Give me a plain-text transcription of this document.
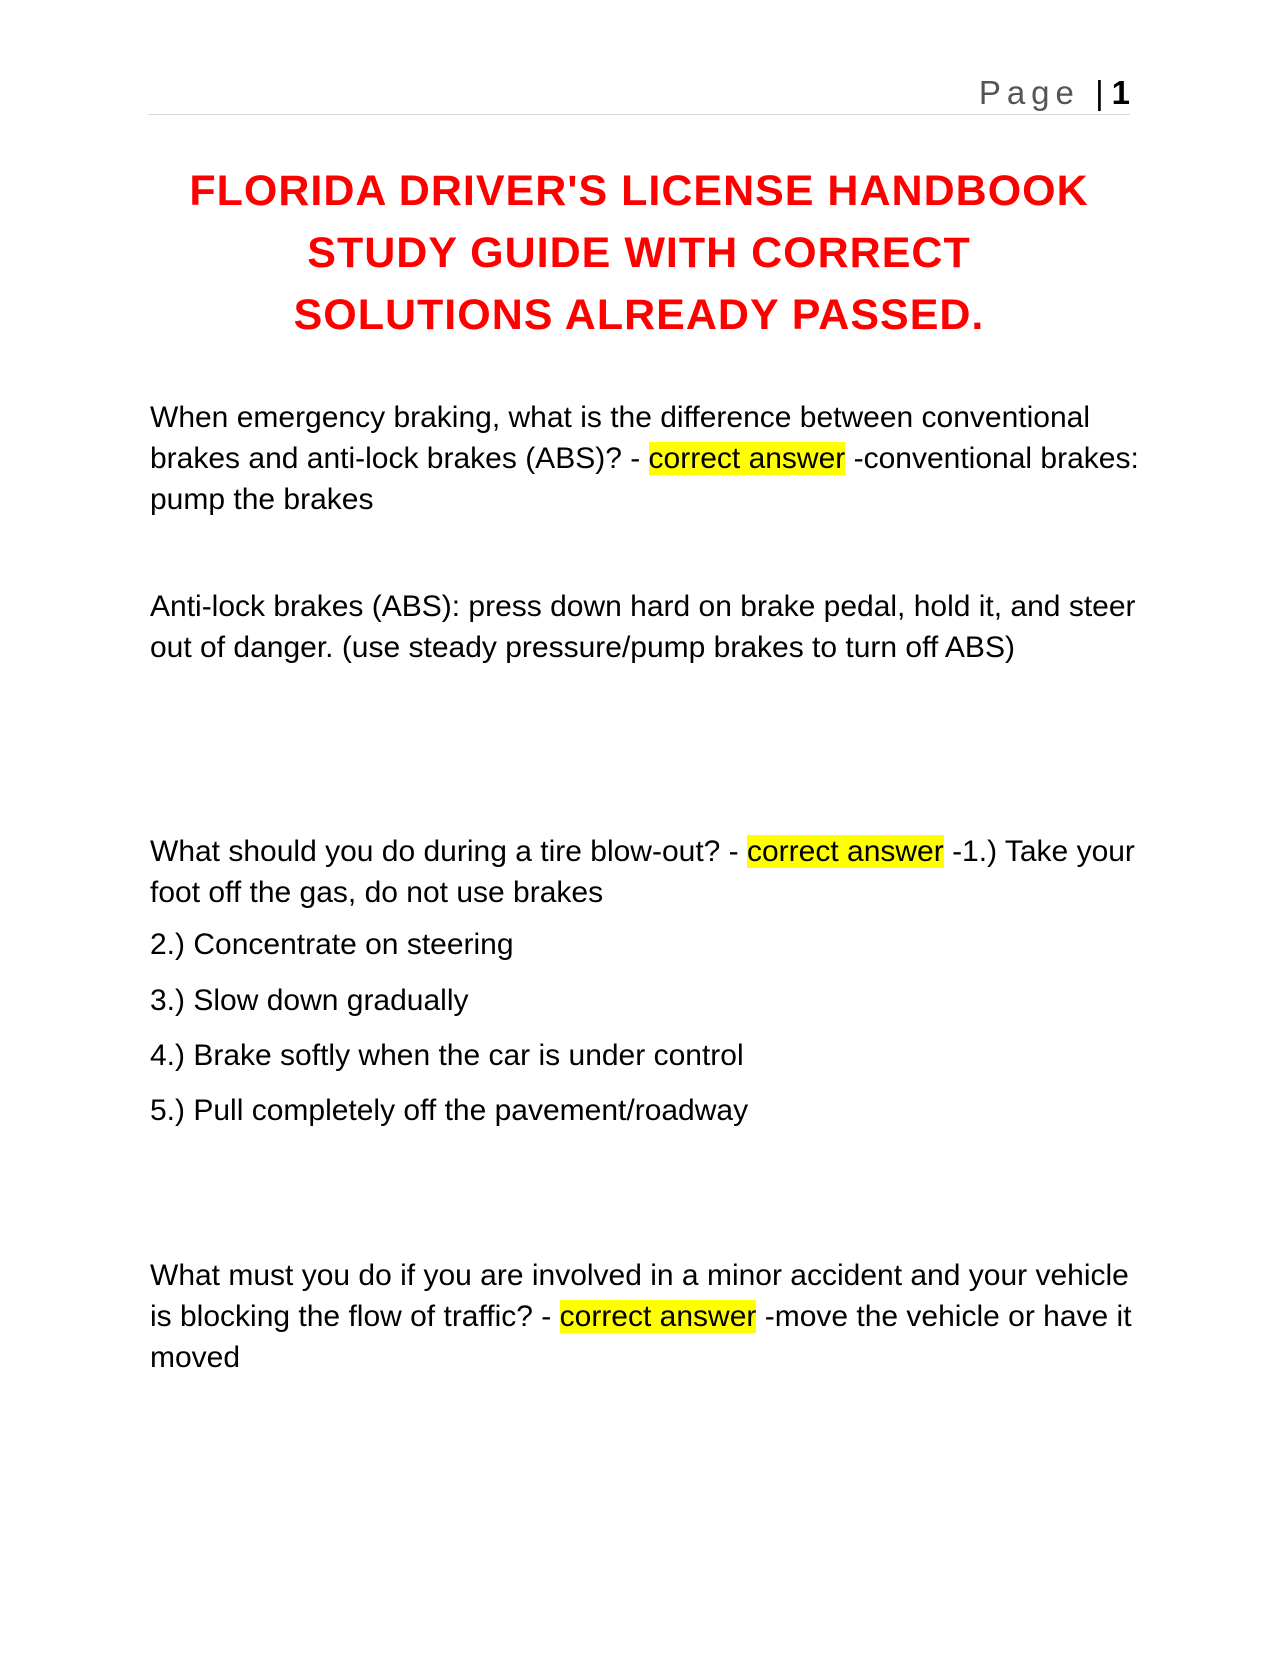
Page | 1
FLORIDA DRIVER'S LICENSE HANDBOOK
STUDY GUIDE WITH CORRECT
SOLUTIONS ALREADY PASSED.

When emergency braking, what is the difference between conventional brakes and anti-lock brakes (ABS)? - correct answer -conventional brakes: pump the brakes

Anti-lock brakes (ABS): press down hard on brake pedal, hold it, and steer out of danger. (use steady pressure/pump brakes to turn off ABS)

What should you do during a tire blow-out? - correct answer -1.) Take your foot off the gas, do not use brakes

2.) Concentrate on steering

3.) Slow down gradually

4.) Brake softly when the car is under control

5.) Pull completely off the pavement/roadway

What must you do if you are involved in a minor accident and your vehicle is blocking the flow of traffic? - correct answer -move the vehicle or have it moved
